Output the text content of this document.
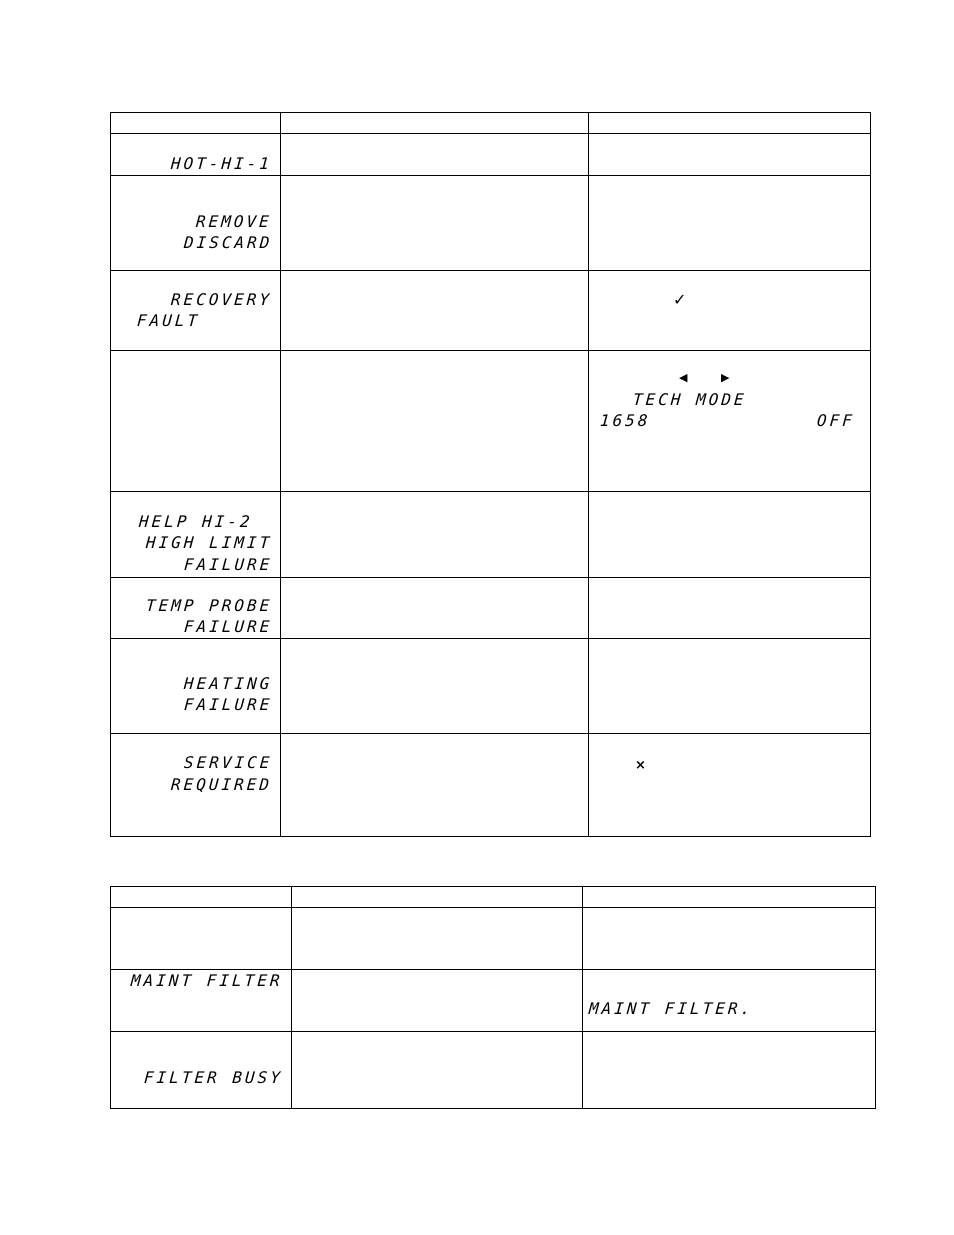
HOT-HI-1		

REMOVE
DISCARD		

RECOVERY
FAULT		✓

		◀ ▶
TECH MODE
1658 OFF

HELP HI-2
HIGH LIMIT
FAILURE		

TEMP PROBE
FAILURE		

HEATING
FAILURE		

SERVICE
REQUIRED		×

MAINT FILTER		MAINT FILTER.

FILTER BUSY		
